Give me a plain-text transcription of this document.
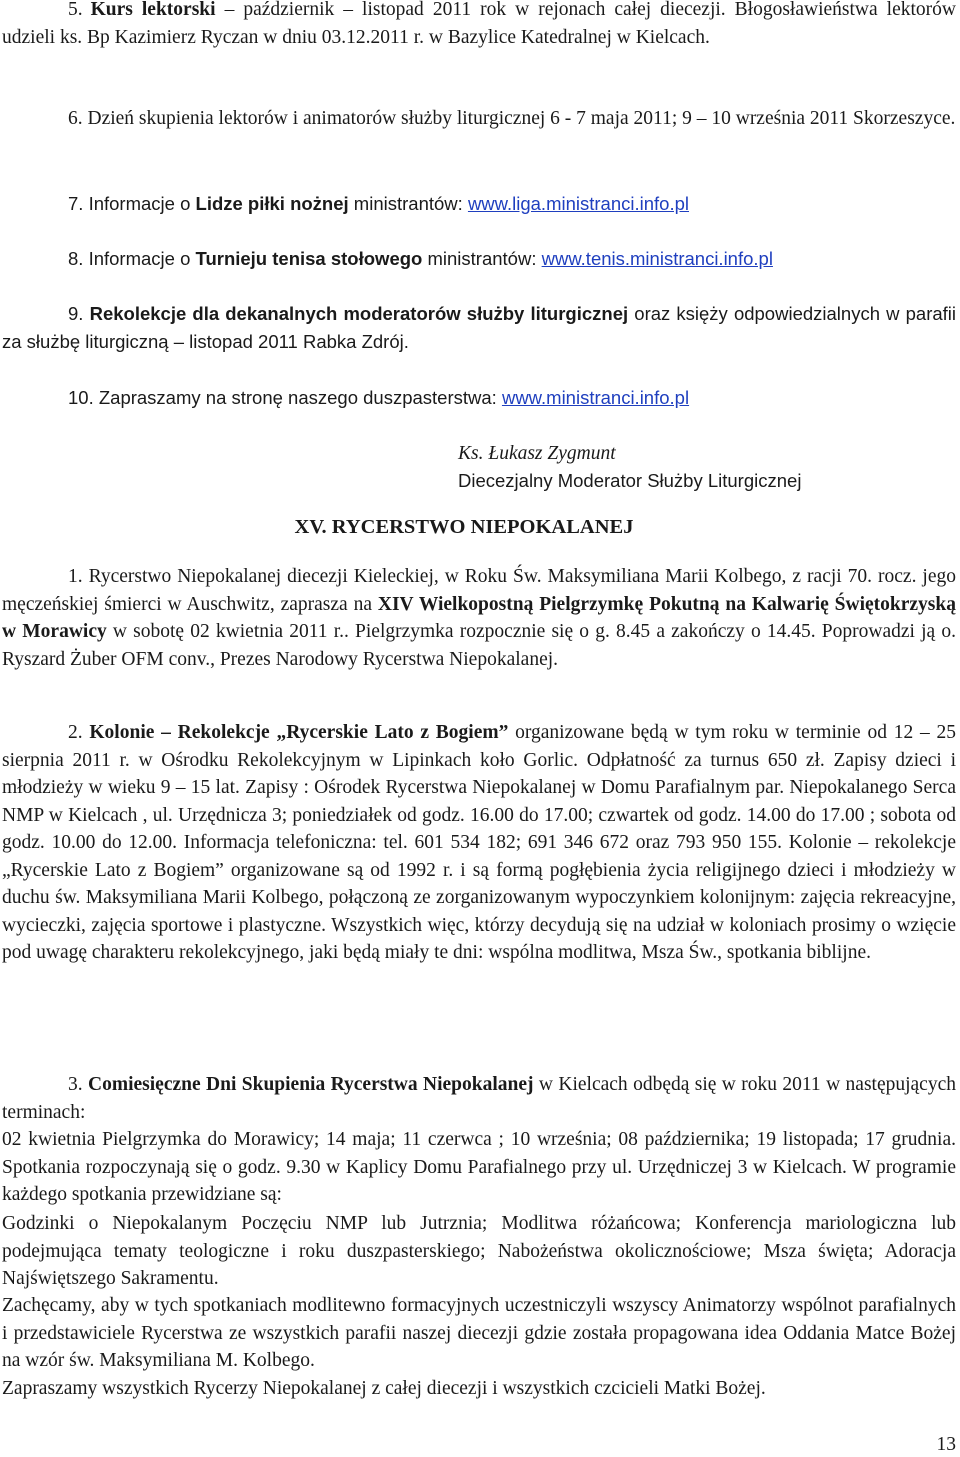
5. Kurs lektorski – październik – listopad 2011 rok w rejonach całej diecezji. Błogosławieństwa lektorów udzieli ks. Bp Kazimierz Ryczan w dniu 03.12.2011 r. w Bazylice Katedralnej w Kielcach.
6. Dzień skupienia lektorów i animatorów służby liturgicznej 6 - 7 maja 2011; 9 – 10 września 2011 Skorzeszyce.
7. Informacje o Lidze piłki nożnej ministrantów: www.liga.ministranci.info.pl
8. Informacje o Turnieju tenisa stołowego ministrantów: www.tenis.ministranci.info.pl
9. Rekolekcje dla dekanalnych moderatorów służby liturgicznej oraz księży odpowiedzialnych w parafii za służbę liturgiczną – listopad 2011 Rabka Zdrój.
10. Zapraszamy na stronę naszego duszpasterstwa: www.ministranci.info.pl
Ks. Łukasz Zygmunt
Diecezjalny Moderator Służby Liturgicznej
XV. RYCERSTWO NIEPOKALANEJ
1. Rycerstwo Niepokalanej diecezji Kieleckiej, w Roku Św. Maksymiliana Marii Kolbego, z racji 70. rocz. jego męczeńskiej śmierci w Auschwitz, zaprasza na XIV Wielkopostną Pielgrzymkę Pokutną na Kalwarię Świętokrzyską w Morawicy w sobotę 02 kwietnia 2011 r.. Pielgrzymka rozpocznie się o g. 8.45 a zakończy o 14.45. Poprowadzi ją o. Ryszard Żuber OFM conv., Prezes Narodowy Rycerstwa Niepokalanej.
2. Kolonie – Rekolekcje „Rycerskie Lato z Bogiem” organizowane będą w tym roku w terminie od 12 – 25 sierpnia 2011 r. w Ośrodku Rekolekcyjnym w Lipinkach koło Gorlic. Odpłatność za turnus 650 zł. Zapisy dzieci i młodzieży w wieku 9 – 15 lat. Zapisy : Ośrodek Rycerstwa Niepokalanej w Domu Parafialnym par. Niepokalanego Serca NMP w Kielcach , ul. Urzędnicza 3; poniedziałek od godz. 16.00 do 17.00; czwartek od godz. 14.00 do 17.00 ; sobota od godz. 10.00 do 12.00. Informacja telefoniczna: tel. 601 534 182; 691 346 672 oraz 793 950 155. Kolonie – rekolekcje „Rycerskie Lato z Bogiem” organizowane są od 1992 r. i są formą pogłębienia życia religijnego dzieci i młodzieży w duchu św. Maksymiliana Marii Kolbego, połączoną ze zorganizowanym wypoczynkiem kolonijnym: zajęcia rekreacyjne, wycieczki, zajęcia sportowe i plastyczne. Wszystkich więc, którzy decydują się na udział w koloniach prosimy o wzięcie pod uwagę charakteru rekolekcyjnego, jaki będą miały te dni: wspólna modlitwa, Msza Św., spotkania biblijne.
3. Comiesięczne Dni Skupienia Rycerstwa Niepokalanej w Kielcach odbędą się w roku 2011 w następujących terminach:
02 kwietnia Pielgrzymka do Morawicy; 14 maja; 11 czerwca ; 10 września; 08 października; 19 listopada; 17 grudnia. Spotkania rozpoczynają się o godz. 9.30 w Kaplicy Domu Parafialnego przy ul. Urzędniczej 3 w Kielcach. W programie każdego spotkania przewidziane są:
Godzinki o Niepokalanym Poczęciu NMP lub Jutrznia; Modlitwa różańcowa; Konferencja mariologiczna lub podejmująca tematy teologiczne i roku duszpasterskiego; Nabożeństwa okolicznościowe; Msza święta; Adoracja Najświętszego Sakramentu.
Zachęcamy, aby w tych spotkaniach modlitewno formacyjnych uczestniczyli wszyscy Animatorzy wspólnot parafialnych i przedstawiciele Rycerstwa ze wszystkich parafii naszej diecezji gdzie została propagowana idea Oddania Matce Bożej na wzór św. Maksymiliana M. Kolbego.
Zapraszamy wszystkich Rycerzy Niepokalanej z całej diecezji i wszystkich czcicieli Matki Bożej.
13
